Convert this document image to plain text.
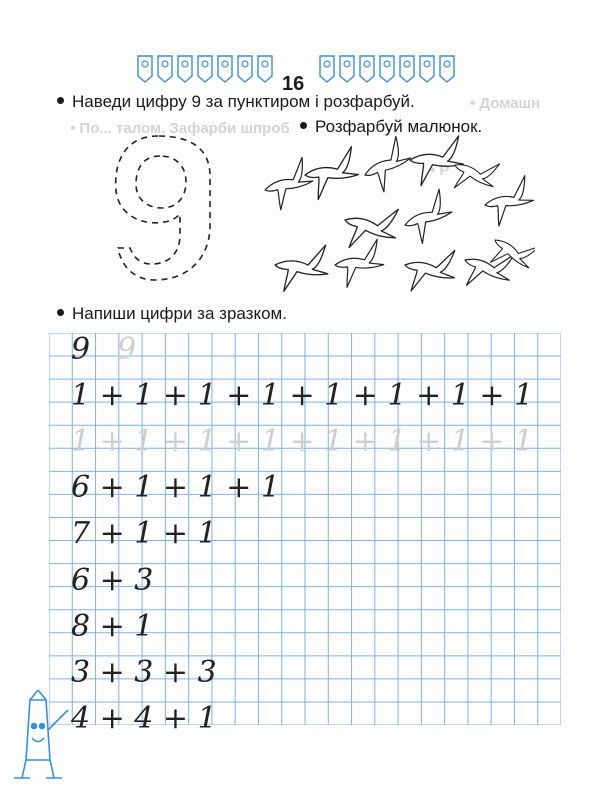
• Домашн
• По... талом. Зафарби шпроб
• Р
16
Наведи цифру 9 за пунктиром і розфарбуй.
Розфарбуй малюнок.
Напиши цифри за зразком.
9 9
1 + 1 + 1 + 1 + 1 + 1 + 1 + 1
1 + 1 + 1 + 1 + 1 + 1 + 1 + 1
6 + 1 + 1 + 1
7 + 1 + 1
6 + 3
8 + 1
3 + 3 + 3
4 + 4 + 1
